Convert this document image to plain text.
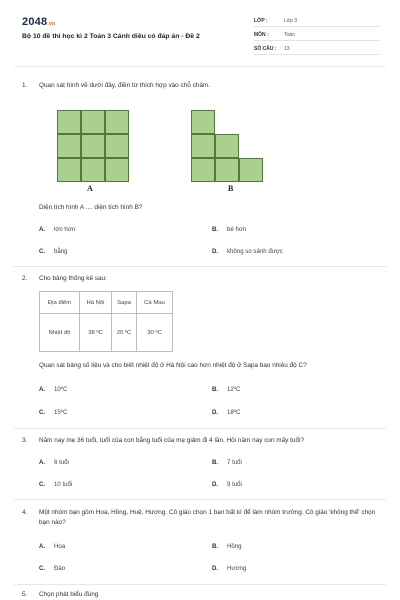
2048.vn
Bộ 10 đề thi học kì 2 Toán 3 Cánh diều có đáp án - Đề 2
LỚP :	Lớp 3
MÔN :	Toán
SỐ CÂU :	13
1. Quan sát hình vẽ dưới đây, điền từ thích hợp vào chỗ chấm.
A	B
Diện tích hình A .... diện tích hình B?
A. lớn hơn	B. bé hơn
C. bằng	D. không so sánh được
2. Cho bảng thống kê sau:
Địa điểm	Hà Nội	Sapa	Cà Mau
Nhiệt độ	38 ºC	20 ºC	30 ºC
Quan sát bảng số liệu và cho biết nhiệt độ ở Hà Nội cao hơn nhiệt độ ở Sapa bao nhiêu độ C?
A. 10ºC	B. 12ºC
C. 15ºC	D. 18ºC
3. Năm nay mẹ 36 tuổi, tuổi của con bằng tuổi của mẹ giảm đi 4 lần. Hỏi năm nay con mấy tuổi?
A. 6 tuổi	B. 7 tuổi
C. 10 tuổi	D. 9 tuổi
4. Một nhóm bạn gồm Hoa, Hồng, Huệ, Hương. Cô giáo chọn 1 bạn bất kì để làm nhóm trưởng. Cô giáo 'không thể' chọn bạn nào?
A. Hoa	B. Hồng
C. Đào	D. Hương
5. Chọn phát biểu đúng
